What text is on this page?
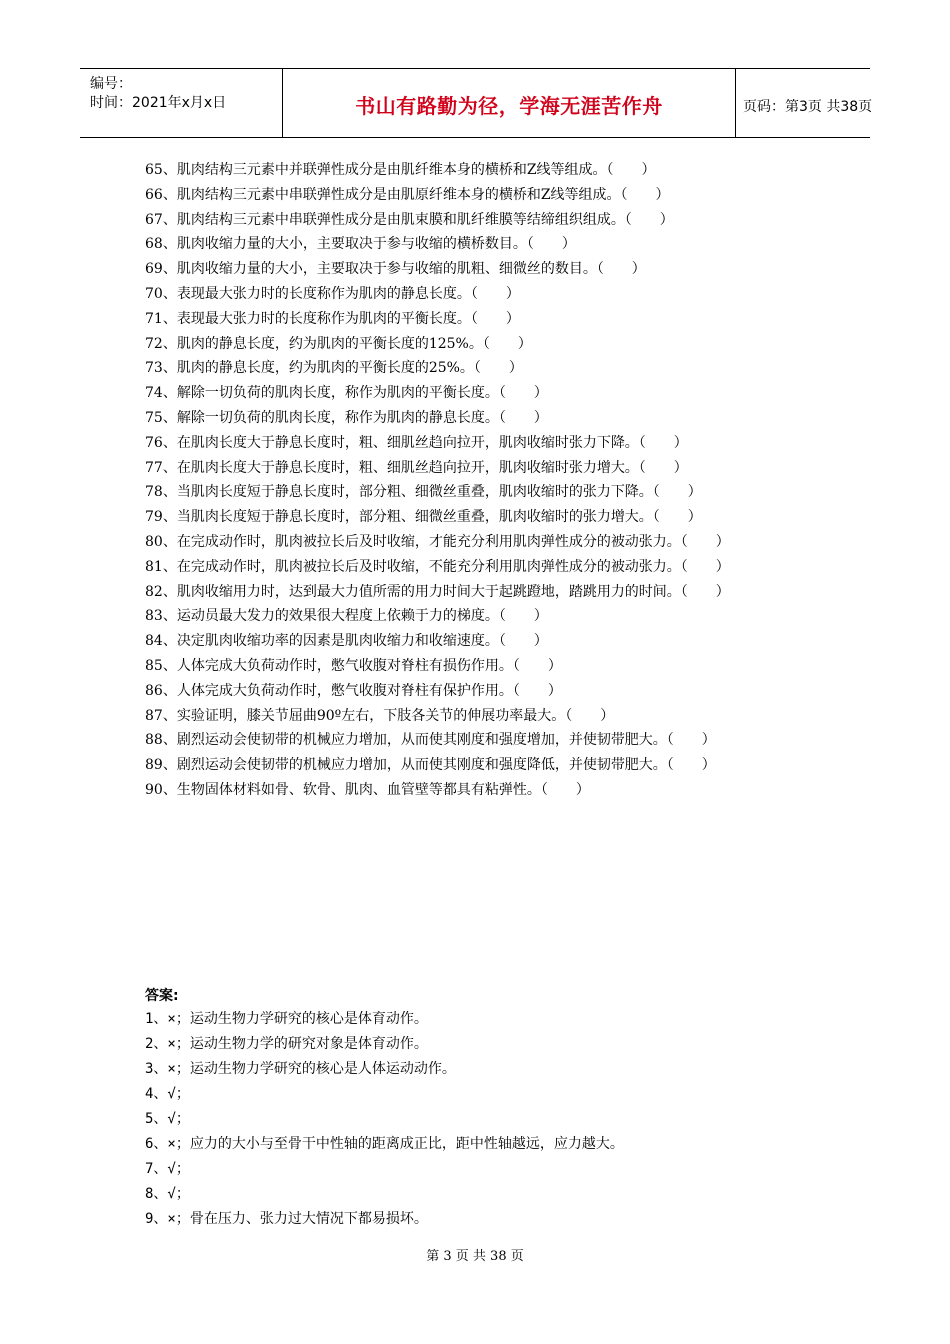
编号：
时间：2021年x月x日	书山有路勤为径，学海无涯苦作舟	页码：第3页 共38页
65、肌肉结构三元素中并联弹性成分是由肌纤维本身的横桥和Z线等组成。（　　）
66、肌肉结构三元素中串联弹性成分是由肌原纤维本身的横桥和Z线等组成。（　　）
67、肌肉结构三元素中串联弹性成分是由肌束膜和肌纤维膜等结缔组织组成。（　　）
68、肌肉收缩力量的大小，主要取决于参与收缩的横桥数目。（　　）
69、肌肉收缩力量的大小，主要取决于参与收缩的肌粗、细微丝的数目。（　　）
70、表现最大张力时的长度称作为肌肉的静息长度。（　　）
71、表现最大张力时的长度称作为肌肉的平衡长度。（　　）
72、肌肉的静息长度，约为肌肉的平衡长度的125%。（　　）
73、肌肉的静息长度，约为肌肉的平衡长度的25%。（　　）
74、解除一切负荷的肌肉长度，称作为肌肉的平衡长度。（　　）
75、解除一切负荷的肌肉长度，称作为肌肉的静息长度。（　　）
76、在肌肉长度大于静息长度时，粗、细肌丝趋向拉开，肌肉收缩时张力下降。（　　）
77、在肌肉长度大于静息长度时，粗、细肌丝趋向拉开，肌肉收缩时张力增大。（　　）
78、当肌肉长度短于静息长度时，部分粗、细微丝重叠，肌肉收缩时的张力下降。（　　）
79、当肌肉长度短于静息长度时，部分粗、细微丝重叠，肌肉收缩时的张力增大。（　　）
80、在完成动作时，肌肉被拉长后及时收缩，才能充分利用肌肉弹性成分的被动张力。（　　）
81、在完成动作时，肌肉被拉长后及时收缩，不能充分利用肌肉弹性成分的被动张力。（　　）
82、肌肉收缩用力时，达到最大力值所需的用力时间大于起跳蹬地，踏跳用力的时间。（　　）
83、运动员最大发力的效果很大程度上依赖于力的梯度。（　　）
84、决定肌肉收缩功率的因素是肌肉收缩力和收缩速度。（　　）
85、人体完成大负荷动作时，憋气收腹对脊柱有损伤作用。（　　）
86、人体完成大负荷动作时，憋气收腹对脊柱有保护作用。（　　）
87、实验证明，膝关节屈曲90º左右，下肢各关节的伸展功率最大。（　　）
88、剧烈运动会使韧带的机械应力增加，从而使其刚度和强度增加，并使韧带肥大。（　　）
89、剧烈运动会使韧带的机械应力增加，从而使其刚度和强度降低，并使韧带肥大。（　　）
90、生物固体材料如骨、软骨、肌肉、血管壁等都具有粘弹性。（　　）
答案:
1、×；运动生物力学研究的核心是体育动作。
2、×；运动生物力学的研究对象是体育动作。
3、×；运动生物力学研究的核心是人体运动动作。
4、√；
5、√；
6、×；应力的大小与至骨干中性轴的距离成正比，距中性轴越远，应力越大。
7、√；
8、√；
9、×；骨在压力、张力过大情况下都易损坏。
第 3 页 共 38 页
